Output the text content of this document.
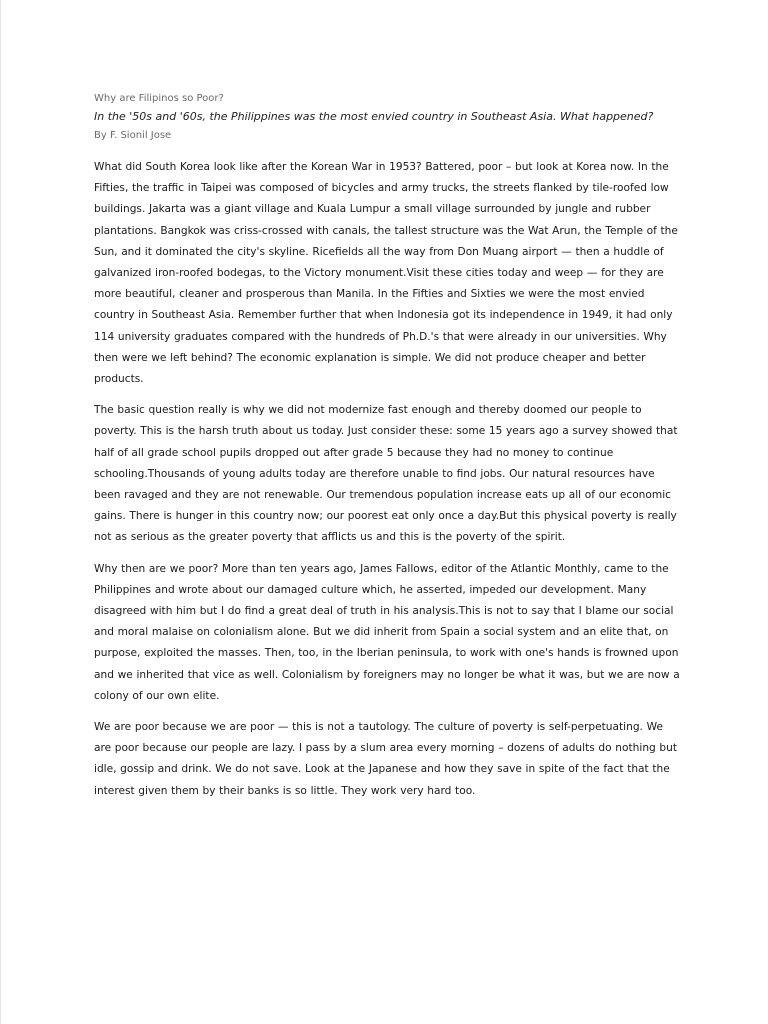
Why are Filipinos so Poor?
In the '50s and '60s, the Philippines was the most envied country in Southeast Asia. What happened?
By F. Sionil Jose

What did South Korea look like after the Korean War in 1953? Battered, poor – but look at Korea now. In the Fifties, the traffic in Taipei was composed of bicycles and army trucks, the streets flanked by tile-roofed low buildings. Jakarta was a giant village and Kuala Lumpur a small village surrounded by jungle and rubber plantations. Bangkok was criss-crossed with canals, the tallest structure was the Wat Arun, the Temple of the Sun, and it dominated the city's skyline. Ricefields all the way from Don Muang airport — then a huddle of galvanized iron-roofed bodegas, to the Victory monument.Visit these cities today and weep — for they are more beautiful, cleaner and prosperous than Manila. In the Fifties and Sixties we were the most envied country in Southeast Asia. Remember further that when Indonesia got its independence in 1949, it had only 114 university graduates compared with the hundreds of Ph.D.'s that were already in our universities. Why then were we left behind? The economic explanation is simple. We did not produce cheaper and better products.

The basic question really is why we did not modernize fast enough and thereby doomed our people to poverty. This is the harsh truth about us today. Just consider these: some 15 years ago a survey showed that half of all grade school pupils dropped out after grade 5 because they had no money to continue schooling.Thousands of young adults today are therefore unable to find jobs. Our natural resources have been ravaged and they are not renewable. Our tremendous population increase eats up all of our economic gains. There is hunger in this country now; our poorest eat only once a day.But this physical poverty is really not as serious as the greater poverty that afflicts us and this is the poverty of the spirit.

Why then are we poor? More than ten years ago, James Fallows, editor of the Atlantic Monthly, came to the Philippines and wrote about our damaged culture which, he asserted, impeded our development. Many disagreed with him but I do find a great deal of truth in his analysis.This is not to say that I blame our social and moral malaise on colonialism alone. But we did inherit from Spain a social system and an elite that, on purpose, exploited the masses. Then, too, in the Iberian peninsula, to work with one's hands is frowned upon and we inherited that vice as well. Colonialism by foreigners may no longer be what it was, but we are now a colony of our own elite.

We are poor because we are poor — this is not a tautology. The culture of poverty is self-perpetuating. We are poor because our people are lazy. I pass by a slum area every morning – dozens of adults do nothing but idle, gossip and drink. We do not save. Look at the Japanese and how they save in spite of the fact that the interest given them by their banks is so little. They work very hard too.
